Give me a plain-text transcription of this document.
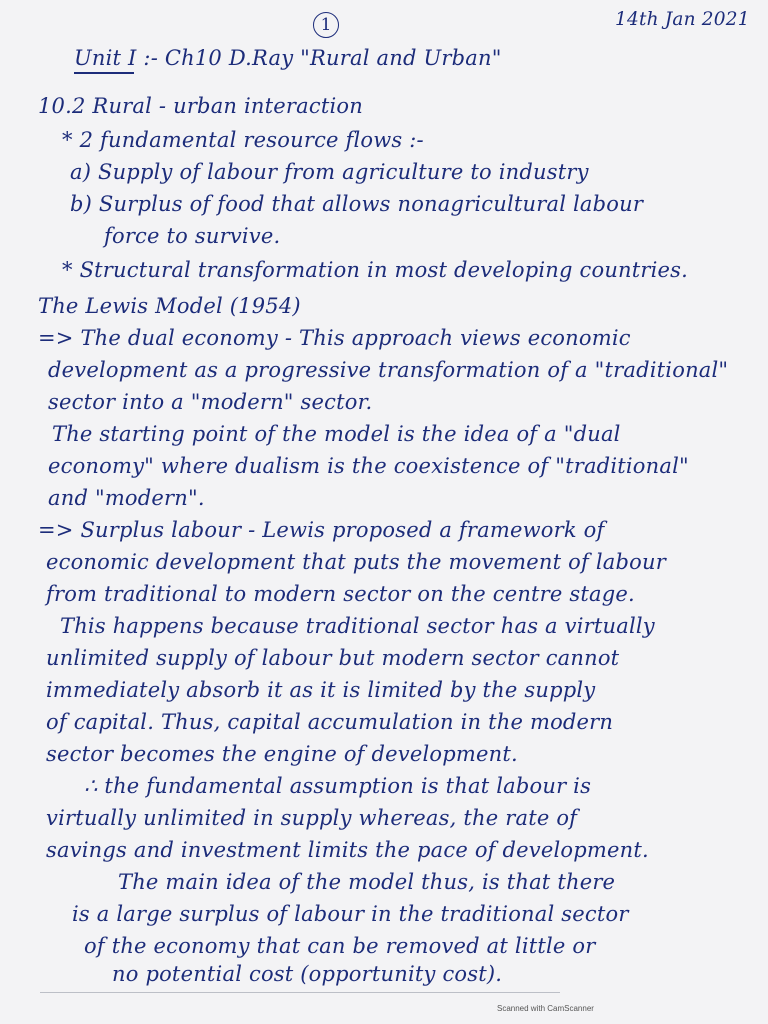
1	14th Jan 2021
Unit I :- Ch10 D.Ray "Rural and Urban"
10.2 Rural - urban interaction
* 2 fundamental resource flows :-
a) Supply of labour from agriculture to industry
b) Surplus of food that allows nonagricultural labour
force to survive.
* Structural transformation in most developing countries.
The Lewis Model (1954)
=> The dual economy - This approach views economic
development as a progressive transformation of a "traditional"
sector into a "modern" sector.
The starting point of the model is the idea of a "dual
economy" where dualism is the coexistence of "traditional"
and "modern".
=> Surplus labour - Lewis proposed a framework of
economic development that puts the movement of labour
from traditional to modern sector on the centre stage.
This happens because traditional sector has a virtually
unlimited supply of labour but modern sector cannot
immediately absorb it as it is limited by the supply
of capital. Thus, capital accumulation in the modern
sector becomes the engine of development.
∴ the fundamental assumption is that labour is
virtually unlimited in supply whereas, the rate of
savings and investment limits the pace of development.
The main idea of the model thus, is that there
is a large surplus of labour in the traditional sector
of the economy that can be removed at little or
no potential cost (opportunity cost).
Scanned with CamScanner
